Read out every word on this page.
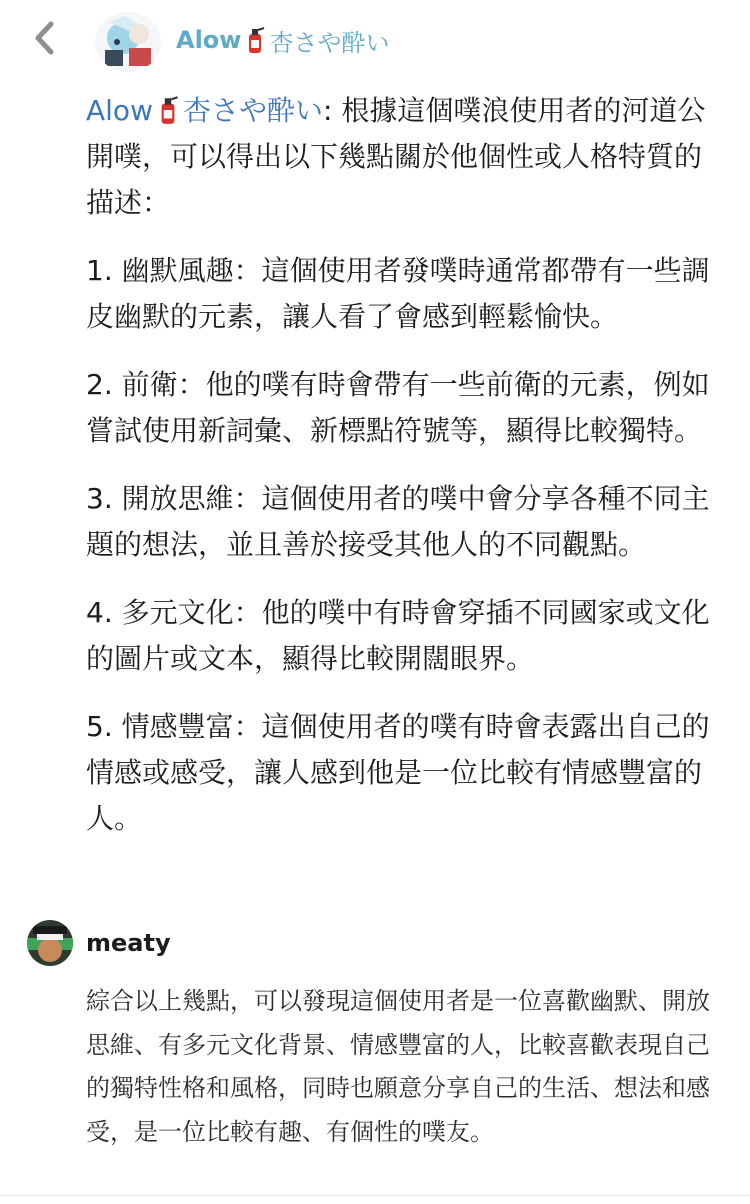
Alow 杏さや酔い

Alow 杏さや酔い: 根據這個噗浪使用者的河道公開噗，可以得出以下幾點關於他個性或人格特質的描述：

1. 幽默風趣：這個使用者發噗時通常都帶有一些調皮幽默的元素，讓人看了會感到輕鬆愉快。

2. 前衛：他的噗有時會帶有一些前衛的元素，例如嘗試使用新詞彙、新標點符號等，顯得比較獨特。

3. 開放思維：這個使用者的噗中會分享各種不同主題的想法，並且善於接受其他人的不同觀點。

4. 多元文化：他的噗中有時會穿插不同國家或文化的圖片或文本，顯得比較開闊眼界。

5. 情感豐富：這個使用者的噗有時會表露出自己的情感或感受，讓人感到他是一位比較有情感豐富的人。

meaty
綜合以上幾點，可以發現這個使用者是一位喜歡幽默、開放思維、有多元文化背景、情感豐富的人，比較喜歡表現自己的獨特性格和風格，同時也願意分享自己的生活、想法和感受，是一位比較有趣、有個性的噗友。
